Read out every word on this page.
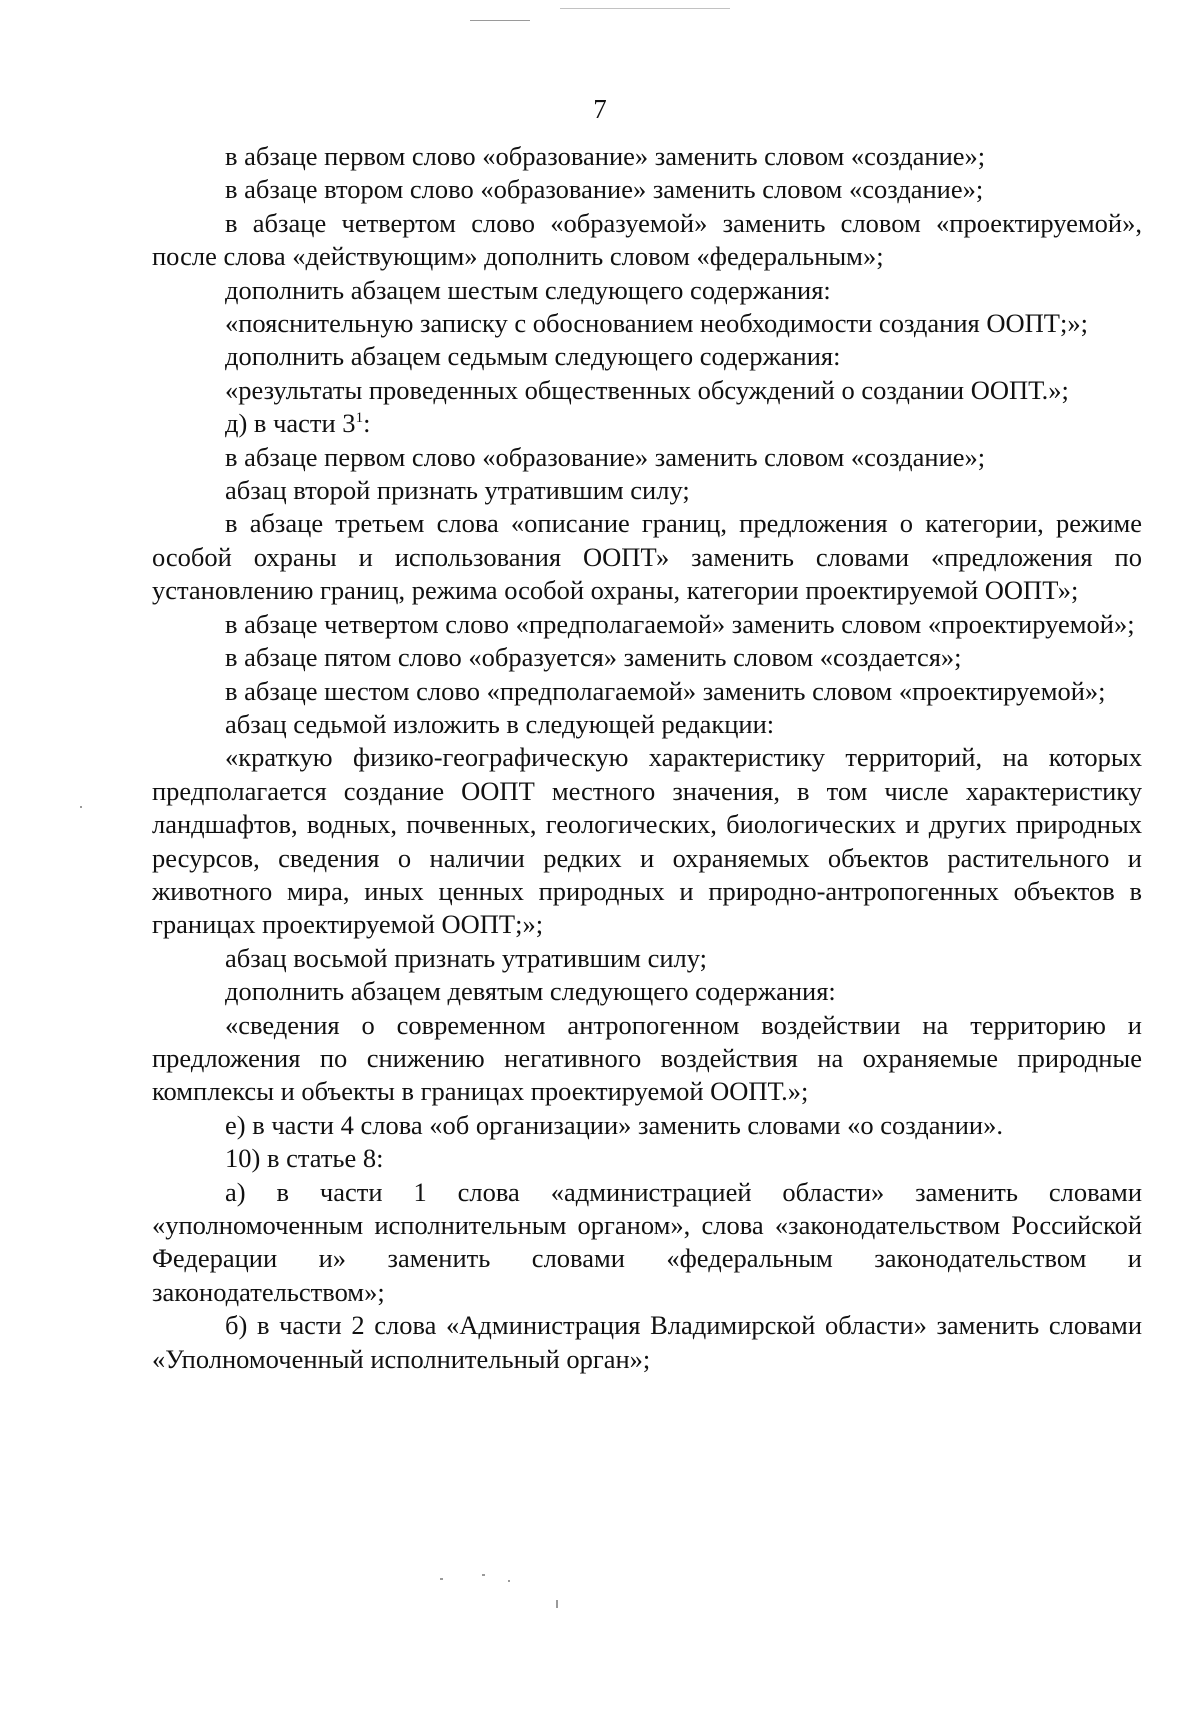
7

в абзаце первом слово «образование» заменить словом «создание»;

в абзаце втором слово «образование» заменить словом «создание»;

в абзаце четвертом слово «образуемой» заменить словом «проектируемой», после слова «действующим» дополнить словом «федеральным»;

дополнить абзацем шестым следующего содержания:

«пояснительную записку с обоснованием необходимости создания ООПТ;»;

дополнить абзацем седьмым следующего содержания:

«результаты проведенных общественных обсуждений о создании ООПТ.»;

д) в части $3^1$:

в абзаце первом слово «образование» заменить словом «создание»;

абзац второй признать утратившим силу;

в абзаце третьем слова «описание границ, предложения о категории, режиме особой охраны и использования ООПТ» заменить словами «предложения по установлению границ, режима особой охраны, категории проектируемой ООПТ»;

в абзаце четвертом слово «предполагаемой» заменить словом «проектируемой»;

в абзаце пятом слово «образуется» заменить словом «создается»;

в абзаце шестом слово «предполагаемой» заменить словом «проектируемой»;

абзац седьмой изложить в следующей редакции:

«краткую физико-географическую характеристику территорий, на которых предполагается создание ООПТ местного значения, в том числе характеристику ландшафтов, водных, почвенных, геологических, биологических и других природных ресурсов, сведения о наличии редких и охраняемых объектов растительного и животного мира, иных ценных природных и природно-антропогенных объектов в границах проектируемой ООПТ;»;

абзац восьмой признать утратившим силу;

дополнить абзацем девятым следующего содержания:

«сведения о современном антропогенном воздействии на территорию и предложения по снижению негативного воздействия на охраняемые природные комплексы и объекты в границах проектируемой ООПТ.»;

е) в части 4 слова «об организации» заменить словами «о создании».

10) в статье 8:

а) в части 1 слова «администрацией области» заменить словами «уполномоченным исполнительным органом», слова «законодательством Российской Федерации и» заменить словами «федеральным законодательством и законодательством»;

б) в части 2 слова «Администрация Владимирской области» заменить словами «Уполномоченный исполнительный орган»;
